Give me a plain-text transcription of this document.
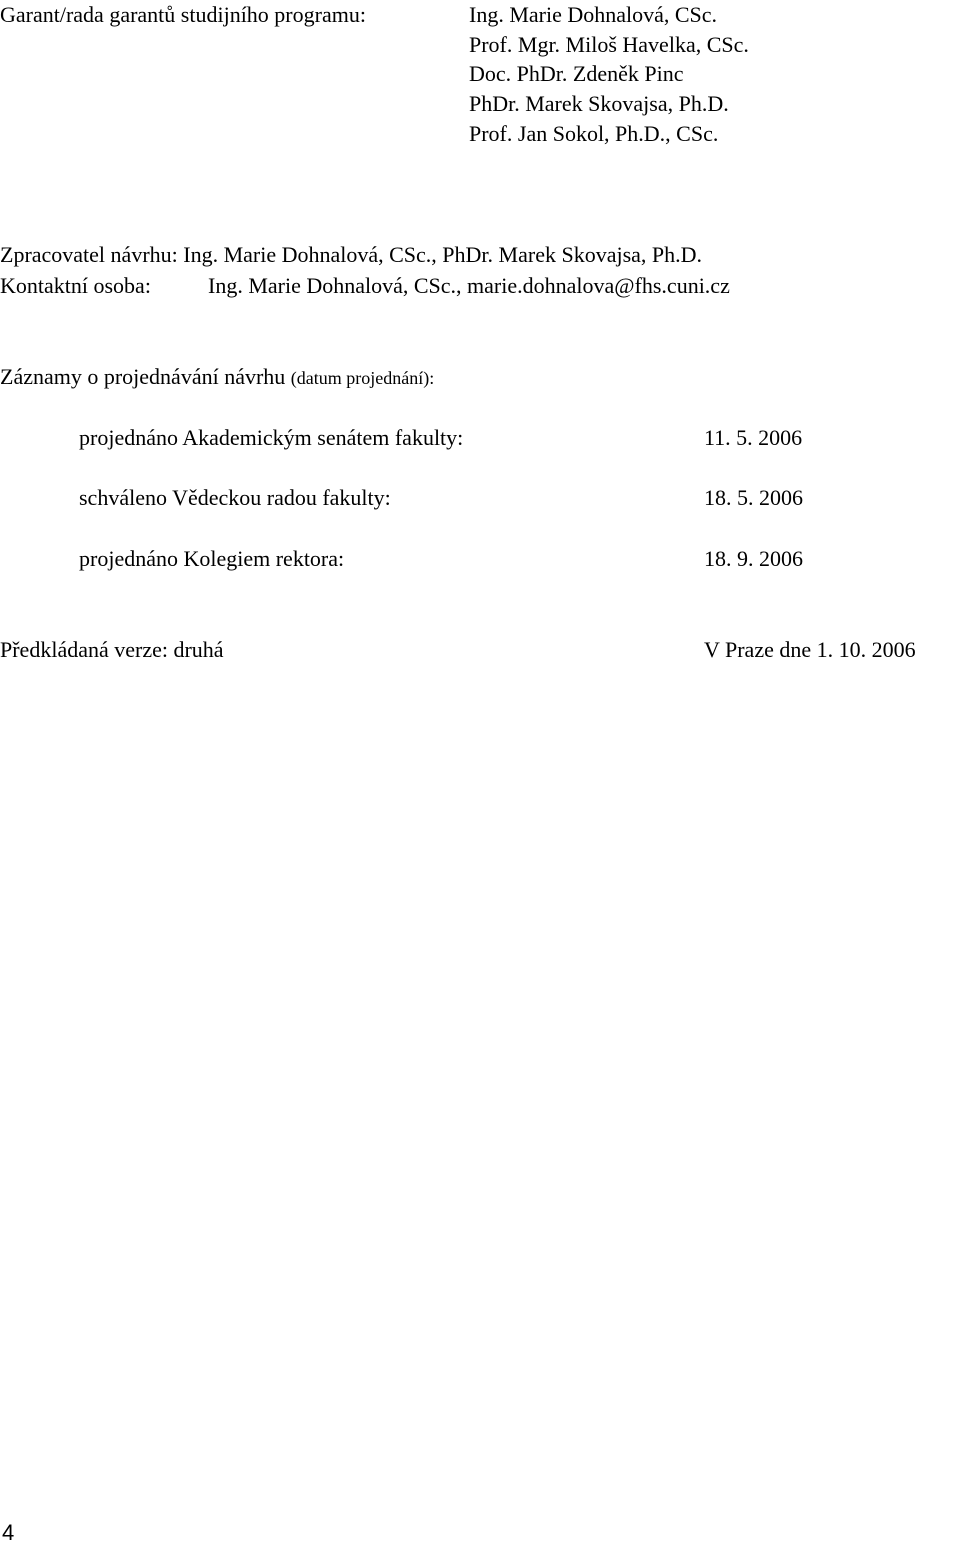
Garant/rada garantů studijního programu:	Ing. Marie Dohnalová, CSc.
Prof. Mgr. Miloš Havelka, CSc.
Doc. PhDr. Zdeněk Pinc
PhDr. Marek Skovajsa, Ph.D.
Prof. Jan Sokol, Ph.D., CSc.
Zpracovatel návrhu: Ing. Marie Dohnalová, CSc., PhDr. Marek Skovajsa, Ph.D.
Kontaktní osoba:	Ing. Marie Dohnalová, CSc., marie.dohnalova@fhs.cuni.cz
Záznamy o projednávání návrhu (datum projednání):
projednáno Akademickým senátem fakulty:	11. 5. 2006
schváleno Vědeckou radou fakulty:	18. 5. 2006
projednáno Kolegiem rektora:	18. 9. 2006
Předkládaná verze: druhá	V Praze dne 1. 10. 2006
4
